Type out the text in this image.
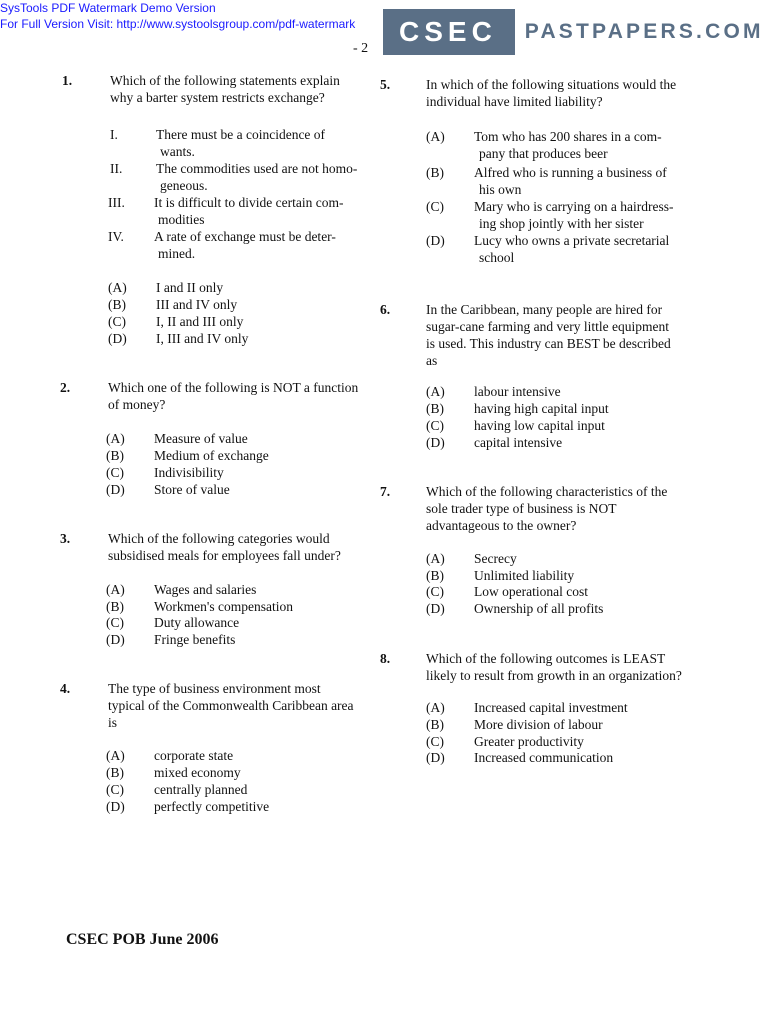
SysTools PDF Watermark Demo Version
For Full Version Visit: http://www.systoolsgroup.com/pdf-watermark	CSEC	PASTPAPERS.COM
- 2
1.	Which of the following statements explain
why a barter system restricts exchange?
I.	There must be a coincidence of
wants.
II. The commodities used are not homo-
geneous.
III. It is difficult to divide certain com-
modities
IV. A rate of exchange must be deter-
mined.
(A) I and II only
(B) III and IV only
(C) I, II and III only
(D) I, III and IV only
2.	Which one of the following is NOT a function
of money?
(A) Measure of value
(B) Medium of exchange
(C) Indivisibility
(D) Store of value
3.	Which of the following categories would
subsidised meals for employees fall under?
(A) Wages and salaries
(B) Workmen's compensation
(C) Duty allowance
(D) Fringe benefits
4.	The type of business environment most
typical of the Commonwealth Caribbean area
is
(A) corporate state
(B) mixed economy
(C) centrally planned
(D) perfectly competitive
5.	In which of the following situations would the
individual have limited liability?
(A) Tom who has 200 shares in a com-
pany that produces beer
(B) Alfred who is running a business of
his own
(C) Mary who is carrying on a hairdress-
ing shop jointly with her sister
(D) Lucy who owns a private secretarial
school
6.	In the Caribbean, many people are hired for
sugar-cane farming and very little equipment
is used. This industry can BEST be described
as
(A) labour intensive
(B) having high capital input
(C) having low capital input
(D) capital intensive
7.	Which of the following characteristics of the
sole trader type of business is NOT
advantageous to the owner?
(A) Secrecy
(B) Unlimited liability
(C) Low operational cost
(D) Ownership of all profits
8.	Which of the following outcomes is LEAST
likely to result from growth in an organization?
(A) Increased capital investment
(B) More division of labour
(C) Greater productivity
(D) Increased communication
CSEC POB June 2006
